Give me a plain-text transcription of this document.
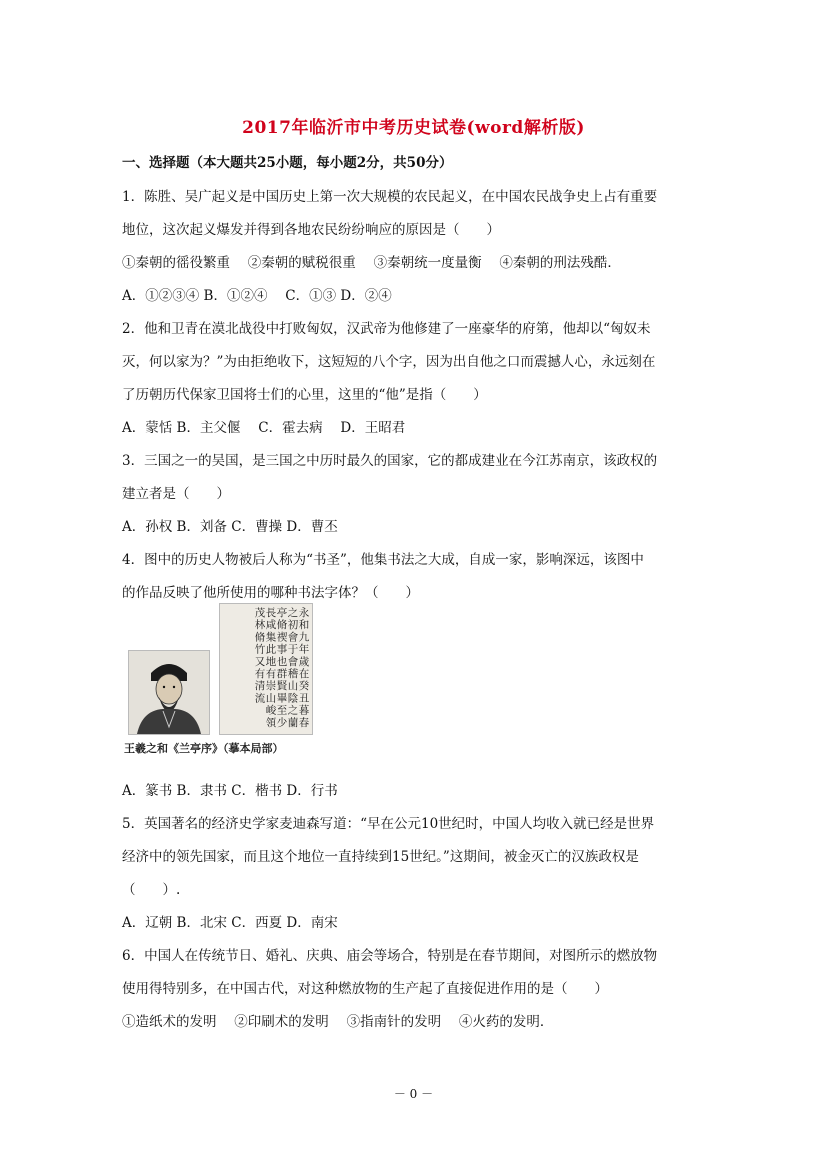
2017年临沂市中考历史试卷(word解析版)
一、选择题（本大题共25小题，每小题2分，共50分）
1．陈胜、吴广起义是中国历史上第一次大规模的农民起义，在中国农民战争史上占有重要
地位，这次起义爆发并得到各地农民纷纷响应的原因是（　　）
①秦朝的徭役繁重　 ②秦朝的赋税很重　 ③秦朝统一度量衡　 ④秦朝的刑法残酷．
A．①②③④ B．①②④　 C．①③ D．②④
2．他和卫青在漠北战役中打败匈奴，汉武帝为他修建了一座豪华的府第，他却以“匈奴未
灭，何以家为？”为由拒绝收下，这短短的八个字，因为出自他之口而震撼人心，永远刻在
了历朝历代保家卫国将士们的心里，这里的“他”是指（　　）
A．蒙恬 B．主父偃　 C．霍去病　 D．王昭君
3．三国之一的吴国，是三国之中历时最久的国家，它的都成建业在今江苏南京，该政权的
建立者是（　　）
A．孙权 B．刘备 C．曹操 D．曹丕
4．图中的历史人物被后人称为“书圣”，他集书法之大成，自成一家，影响深远，该图中
的作品反映了他所使用的哪种书法字体？（　　）
永
和
九
年
歲
在
癸
丑
暮
春
之
初
會
于
會
稽
山
陰
之
蘭
亭
脩
禊
事
也
群
賢
畢
至
少
長
咸
集
此
地
有
崇
山
峻
領
茂
林
脩
竹
又
有
清
流
王羲之和《兰亭序》（摹本局部）
A．篆书 B．隶书 C．楷书 D．行书
5．英国著名的经济史学家麦迪森写道：“早在公元10世纪时，中国人均收入就已经是世界
经济中的领先国家，而且这个地位一直持续到15世纪。”这期间，被金灭亡的汉族政权是
（　　）.
A．辽朝 B．北宋 C．西夏 D．南宋
6．中国人在传统节日、婚礼、庆典、庙会等场合，特别是在春节期间，对图所示的燃放物
使用得特别多，在中国古代，对这种燃放物的生产起了直接促进作用的是（　　）
①造纸术的发明　 ②印刷术的发明　 ③指南针的发明　 ④火药的发明．
－ 0 －
